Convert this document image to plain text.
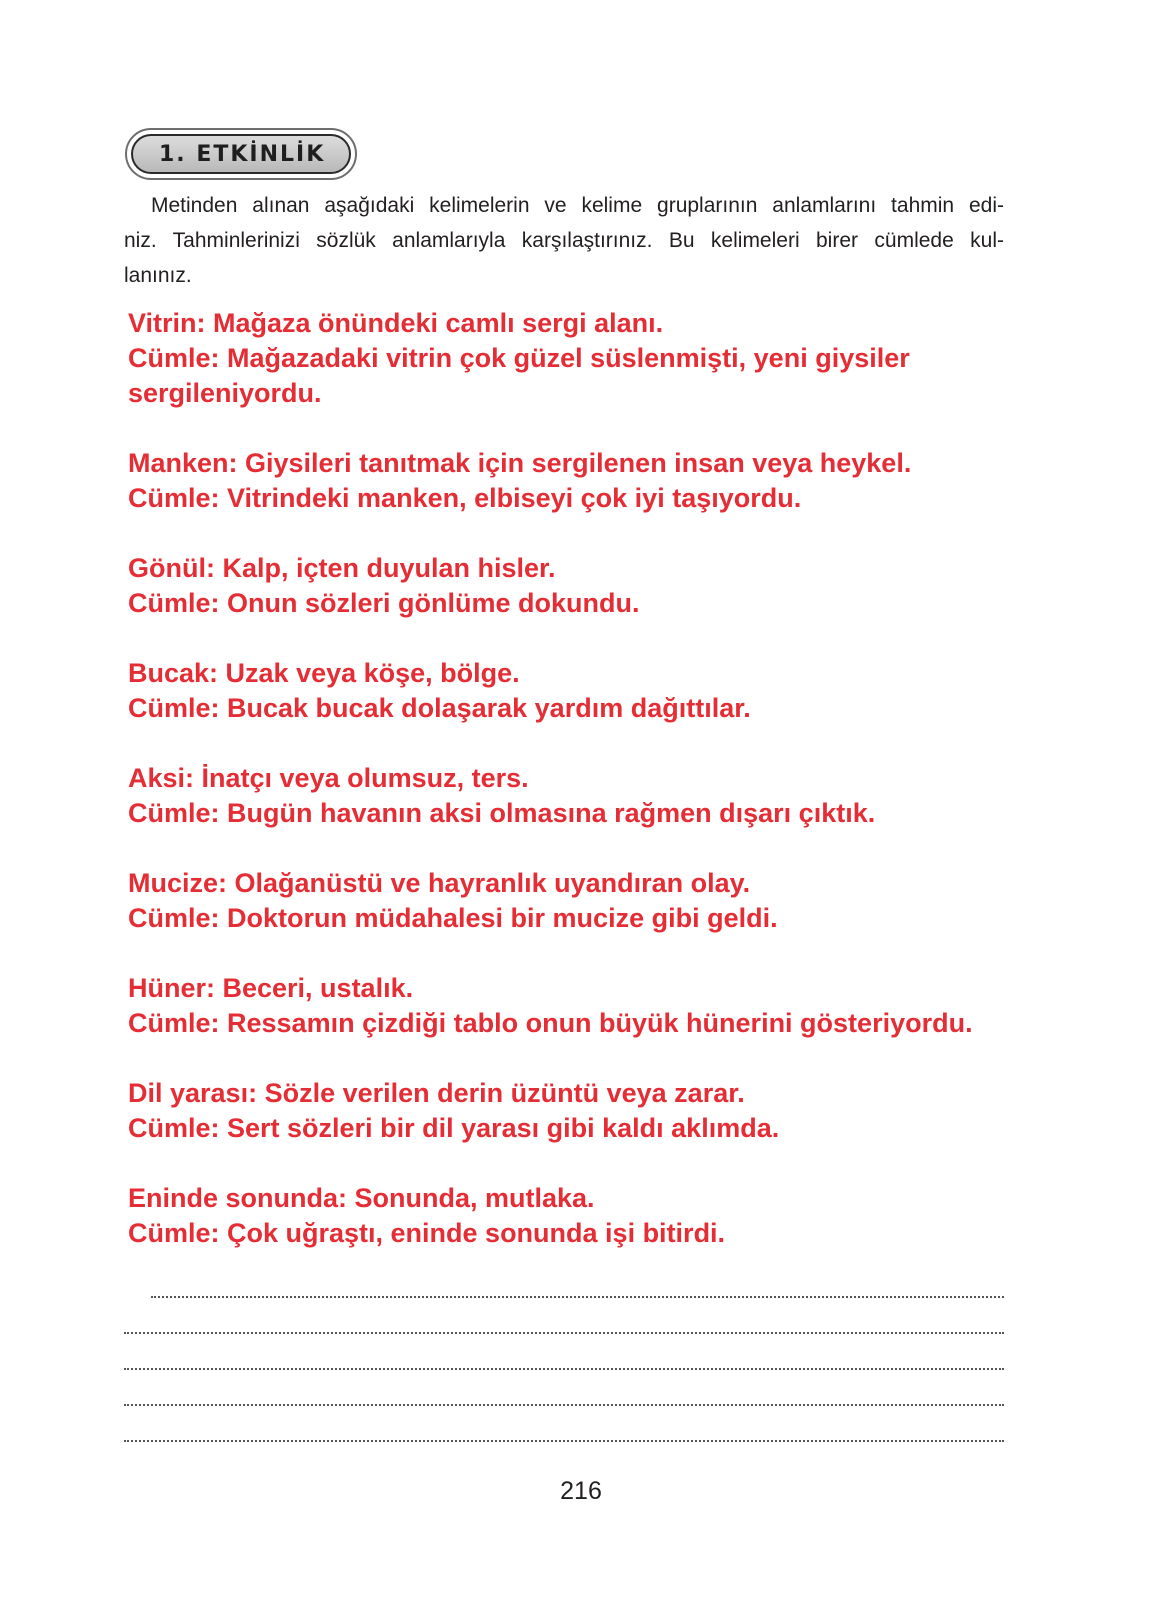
1. ETKİNLİK

Metinden alınan aşağıdaki kelimelerin ve kelime gruplarının anlamlarını tahmin edi-
niz. Tahminlerinizi sözlük anlamlarıyla karşılaştırınız. Bu kelimeleri birer cümlede kul-
lanınız.

Vitrin: Mağaza önündeki camlı sergi alanı.
Cümle: Mağazadaki vitrin çok güzel süslenmişti, yeni giysiler
sergileniyordu.
Manken: Giysileri tanıtmak için sergilenen insan veya heykel.
Cümle: Vitrindeki manken, elbiseyi çok iyi taşıyordu.
Gönül: Kalp, içten duyulan hisler.
Cümle: Onun sözleri gönlüme dokundu.
Bucak: Uzak veya köşe, bölge.
Cümle: Bucak bucak dolaşarak yardım dağıttılar.
Aksi: İnatçı veya olumsuz, ters.
Cümle: Bugün havanın aksi olmasına rağmen dışarı çıktık.
Mucize: Olağanüstü ve hayranlık uyandıran olay.
Cümle: Doktorun müdahalesi bir mucize gibi geldi.
Hüner: Beceri, ustalık.
Cümle: Ressamın çizdiği tablo onun büyük hünerini gösteriyordu.
Dil yarası: Sözle verilen derin üzüntü veya zarar.
Cümle: Sert sözleri bir dil yarası gibi kaldı aklımda.
Eninde sonunda: Sonunda, mutlaka.
Cümle: Çok uğraştı, eninde sonunda işi bitirdi.
216
